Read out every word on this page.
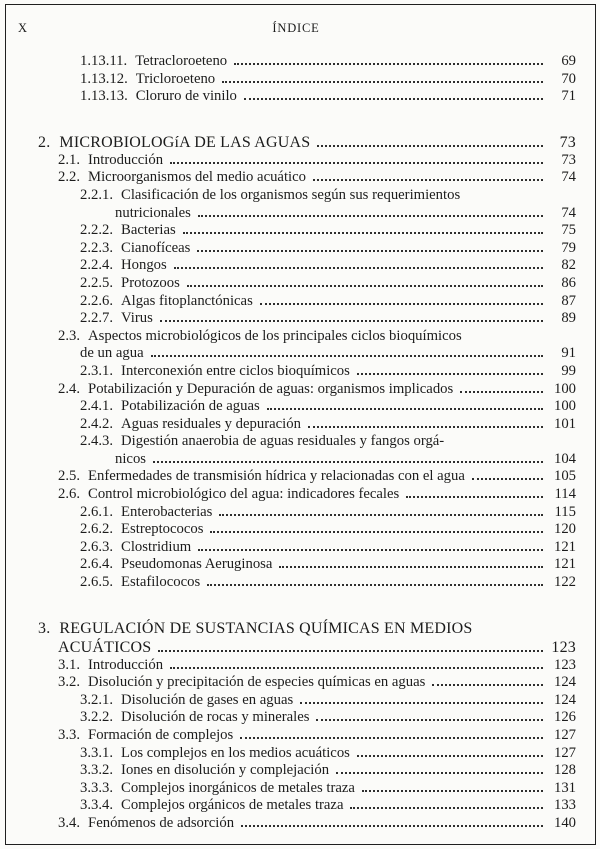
X	ÍNDICE
1.13.11. Tetracloroeteno	69
1.13.12. Tricloroeteno	70
1.13.13. Cloruro de vinilo	71
2. MICROBIOLOGíA DE LAS AGUAS	73
2.1. Introducción	73
2.2. Microorganismos del medio acuático	74
2.2.1. Clasificación de los organismos según sus requerimientos
nutricionales	74
2.2.2. Bacterias	75
2.2.3. Cianofíceas	79
2.2.4. Hongos	82
2.2.5. Protozoos	86
2.2.6. Algas fitoplanctónicas	87
2.2.7. Virus	89
2.3. Aspectos microbiológicos de los principales ciclos bioquímicos
de un agua	91
2.3.1. Interconexión entre ciclos bioquímicos	99
2.4. Potabilización y Depuración de aguas: organismos implicados	100
2.4.1. Potabilización de aguas	100
2.4.2. Aguas residuales y depuración	101
2.4.3. Digestión anaerobia de aguas residuales y fangos orgá-
nicos	104
2.5. Enfermedades de transmisión hídrica y relacionadas con el agua	105
2.6. Control microbiológico del agua: indicadores fecales	114
2.6.1. Enterobacterias	115
2.6.2. Estreptococos	120
2.6.3. Clostridium	121
2.6.4. Pseudomonas Aeruginosa	121
2.6.5. Estafilococos	122
3. REGULACIÓN DE SUSTANCIAS QUÍMICAS EN MEDIOS
ACUÁTICOS	123
3.1. Introducción	123
3.2. Disolución y precipitación de especies químicas en aguas	124
3.2.1. Disolución de gases en aguas	124
3.2.2. Disolución de rocas y minerales	126
3.3. Formación de complejos	127
3.3.1. Los complejos en los medios acuáticos	127
3.3.2. Iones en disolución y complejación	128
3.3.3. Complejos inorgánicos de metales traza	131
3.3.4. Complejos orgánicos de metales traza	133
3.4. Fenómenos de adsorción	140
